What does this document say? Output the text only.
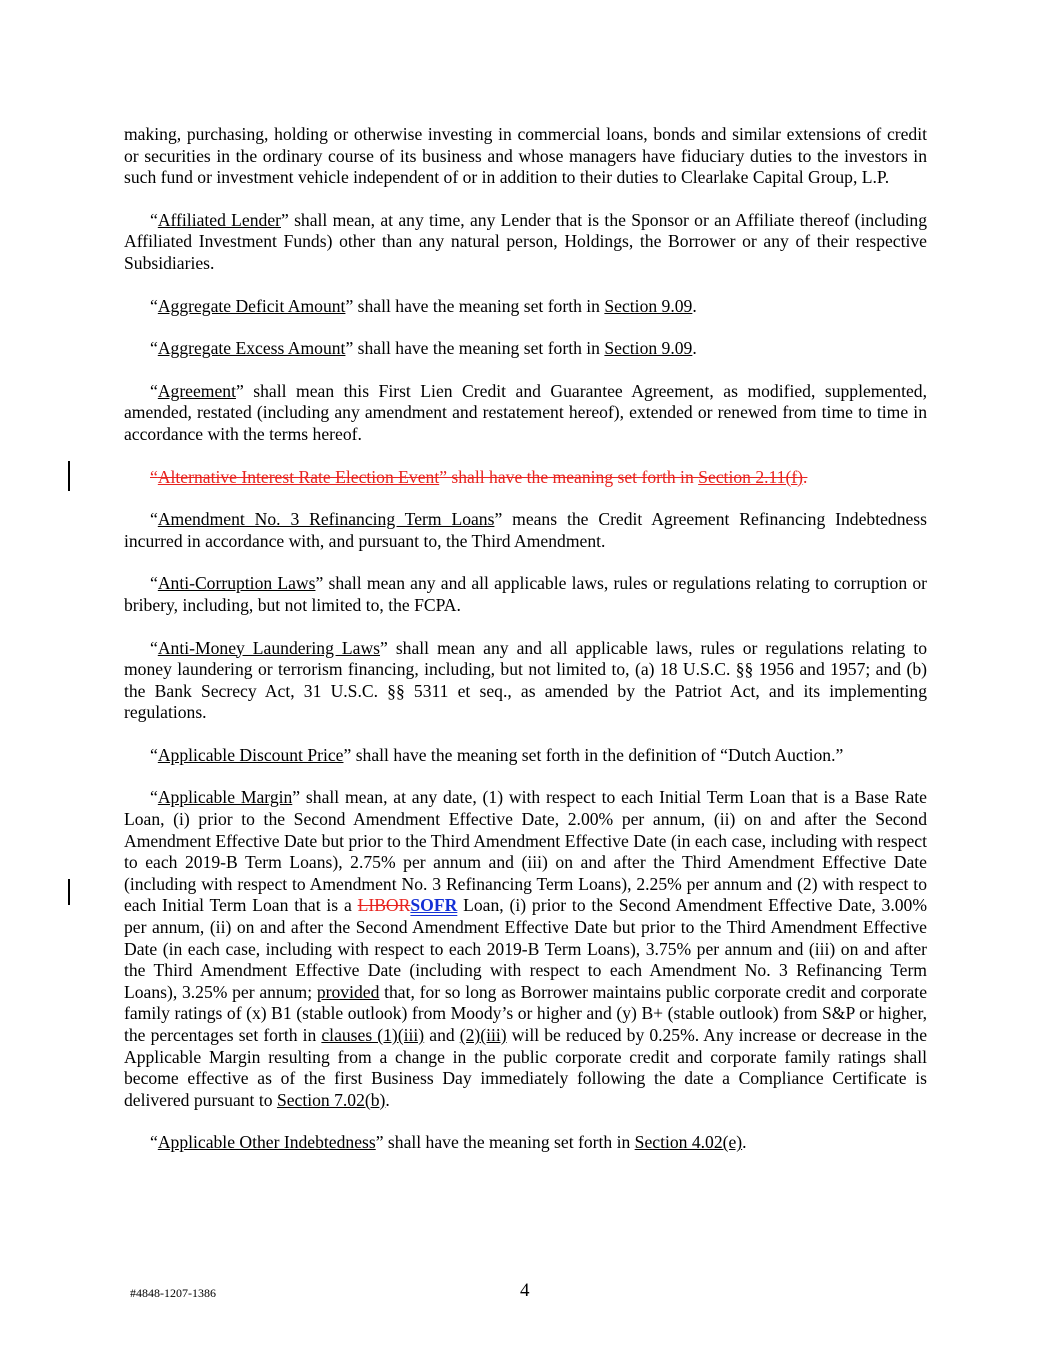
making, purchasing, holding or otherwise investing in commercial loans, bonds and similar extensions of credit or securities in the ordinary course of its business and whose managers have fiduciary duties to the investors in such fund or investment vehicle independent of or in addition to their duties to Clearlake Capital Group, L.P.

“Affiliated Lender” shall mean, at any time, any Lender that is the Sponsor or an Affiliate thereof (including Affiliated Investment Funds) other than any natural person, Holdings, the Borrower or any of their respective Subsidiaries.

“Aggregate Deficit Amount” shall have the meaning set forth in Section 9.09.

“Aggregate Excess Amount” shall have the meaning set forth in Section 9.09.

“Agreement” shall mean this First Lien Credit and Guarantee Agreement, as modified, supplemented, amended, restated (including any amendment and restatement hereof), extended or renewed from time to time in accordance with the terms hereof.

“Alternative Interest Rate Election Event” shall have the meaning set forth in Section 2.11(f).

“Amendment No. 3 Refinancing Term Loans” means the Credit Agreement Refinancing Indebtedness incurred in accordance with, and pursuant to, the Third Amendment.

“Anti-Corruption Laws” shall mean any and all applicable laws, rules or regulations relating to corruption or bribery, including, but not limited to, the FCPA.

“Anti-Money Laundering Laws” shall mean any and all applicable laws, rules or regulations relating to money laundering or terrorism financing, including, but not limited to, (a) 18 U.S.C. §§ 1956 and 1957; and (b) the Bank Secrecy Act, 31 U.S.C. §§ 5311 et seq., as amended by the Patriot Act, and its implementing regulations.

“Applicable Discount Price” shall have the meaning set forth in the definition of “Dutch Auction.”

“Applicable Margin” shall mean, at any date, (1) with respect to each Initial Term Loan that is a Base Rate Loan, (i) prior to the Second Amendment Effective Date, 2.00% per annum, (ii) on and after the Second Amendment Effective Date but prior to the Third Amendment Effective Date (in each case, including with respect to each 2019-B Term Loans), 2.75% per annum and (iii) on and after the Third Amendment Effective Date (including with respect to Amendment No. 3 Refinancing Term Loans), 2.25% per annum and (2) with respect to each Initial Term Loan that is a LIBORSOFR Loan, (i) prior to the Second Amendment Effective Date, 3.00% per annum, (ii) on and after the Second Amendment Effective Date but prior to the Third Amendment Effective Date (in each case, including with respect to each 2019-B Term Loans), 3.75% per annum and (iii) on and after the Third Amendment Effective Date (including with respect to each Amendment No. 3 Refinancing Term Loans), 3.25% per annum; provided that, for so long as Borrower maintains public corporate credit and corporate family ratings of (x) B1 (stable outlook) from Moody’s or higher and (y) B+ (stable outlook) from S&P or higher, the percentages set forth in clauses (1)(iii) and (2)(iii) will be reduced by 0.25%. Any increase or decrease in the Applicable Margin resulting from a change in the public corporate credit and corporate family ratings shall become effective as of the first Business Day immediately following the date a Compliance Certificate is delivered pursuant to Section 7.02(b).

“Applicable Other Indebtedness” shall have the meaning set forth in Section 4.02(e).

#4848-1207-1386	4
